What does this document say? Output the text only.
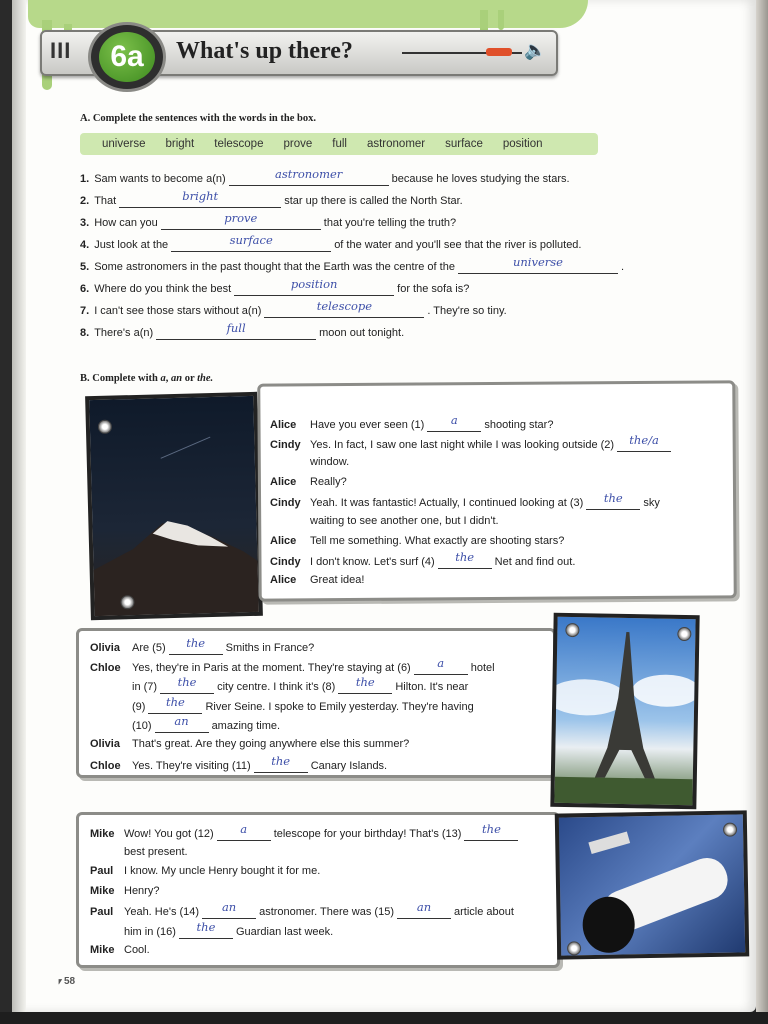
III	6a	What's up there?	🔈
A. Complete the sentences with the words in the box.
universe bright telescope prove full astronomer surface position
1. Sam wants to become a(n)	astronomer	because he loves studying the stars.
2. That	bright	star up there is called the North Star.
3. How can you	prove	that you're telling the truth?
4. Just look at the	surface	of the water and you'll see that the river is polluted.
5. Some astronomers in the past thought that the Earth was the centre of the	universe	.
6. Where do you think the best	position	for the sofa is?
7. I can't see those stars without a(n)	telescope	. They're so tiny.
8. There's a(n)	full	moon out tonight.
B. Complete with a, an or the.
Alice	Have you ever seen (1)	a	shooting star?
Cindy Yes. In fact, I saw one last night while I was looking outside (2)	the/a
window.
Alice	Really?
Cindy Yeah. It was fantastic! Actually, I continued looking at (3)	the	sky
waiting to see another one, but I didn't.
Alice	Tell me something. What exactly are shooting stars?
Cindy I don't know. Let's surf (4)	the	Net and find out.
Alice	Great idea!
Olivia	Are (5)	the	Smiths in France?
Chloe	Yes, they're in Paris at the moment. They're staying at (6)	a	hotel
in (7)	the	city centre. I think it's (8)	the	Hilton. It's near
(9)	the	River Seine. I spoke to Emily yesterday. They're having
(10)	an	amazing time.
Olivia	That's great. Are they going anywhere else this summer?
Chloe	Yes. They're visiting (11)	the	Canary Islands.
Mike Wow! You got (12)	a	telescope for your birthday! That's (13)	the
best present.
Paul I know. My uncle Henry bought it for me.
Mike Henry?
Paul Yeah. He's (14)	an	astronomer. There was (15)	an	article about
him in (16)	the	Guardian last week.
Mike Cool.
⎖58
